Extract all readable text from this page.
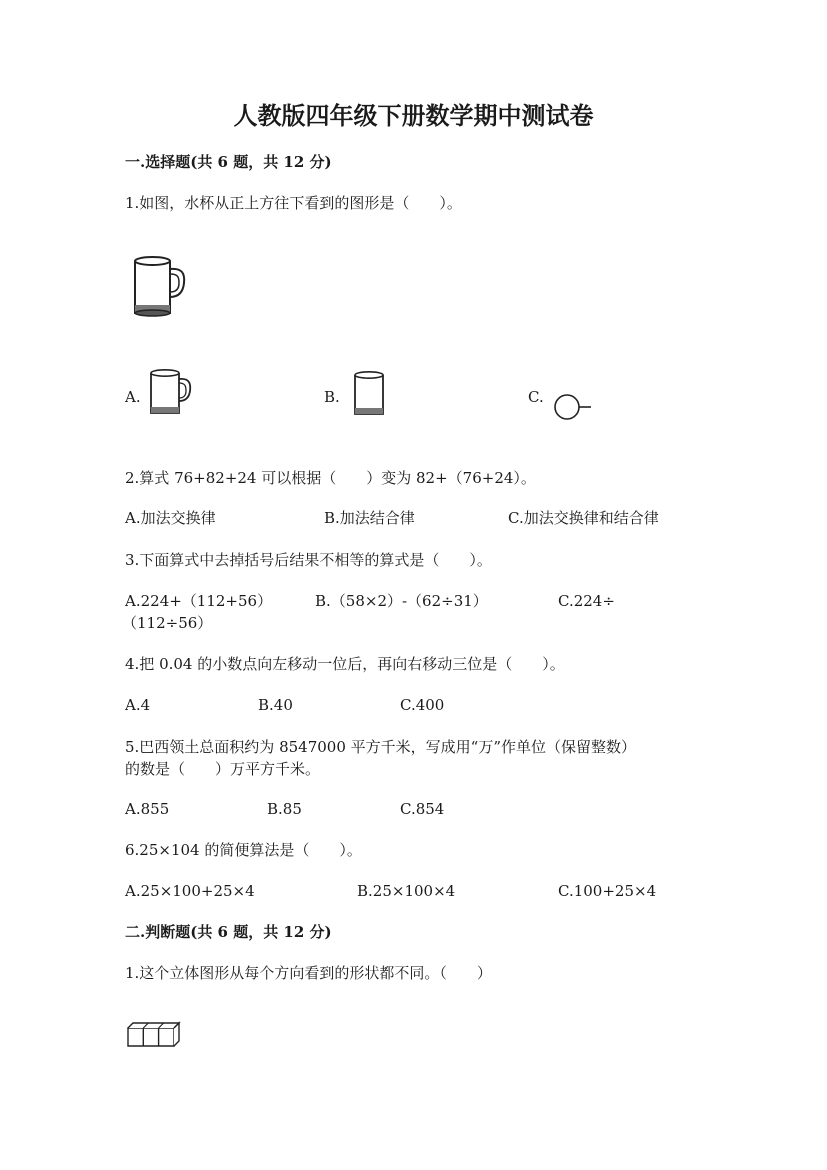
人教版四年级下册数学期中测试卷
一.选择题(共 6 题，共 12 分)
1.如图，水杯从正上方往下看到的图形是（　　）。
A.	B.	C.
2.算式 76+82+24 可以根据（　　）变为 82+（76+24）。
A.加法交换律	B.加法结合律	C.加法交换律和结合律
3.下面算式中去掉括号后结果不相等的算式是（　　）。
A.224+（112+56）	B.（58×2）-（62÷31）	C.224÷
（112÷56）
4.把 0.04 的小数点向左移动一位后，再向右移动三位是（　　）。
A.4	B.40	C.400
5.巴西领土总面积约为 8547000 平方千米，写成用“万”作单位（保留整数）
的数是（　　）万平方千米。
A.855	B.85	C.854
6.25×104 的简便算法是（　　）。
A.25×100+25×4	B.25×100×4	C.100+25×4
二.判断题(共 6 题，共 12 分)
1.这个立体图形从每个方向看到的形状都不同。（　　）
